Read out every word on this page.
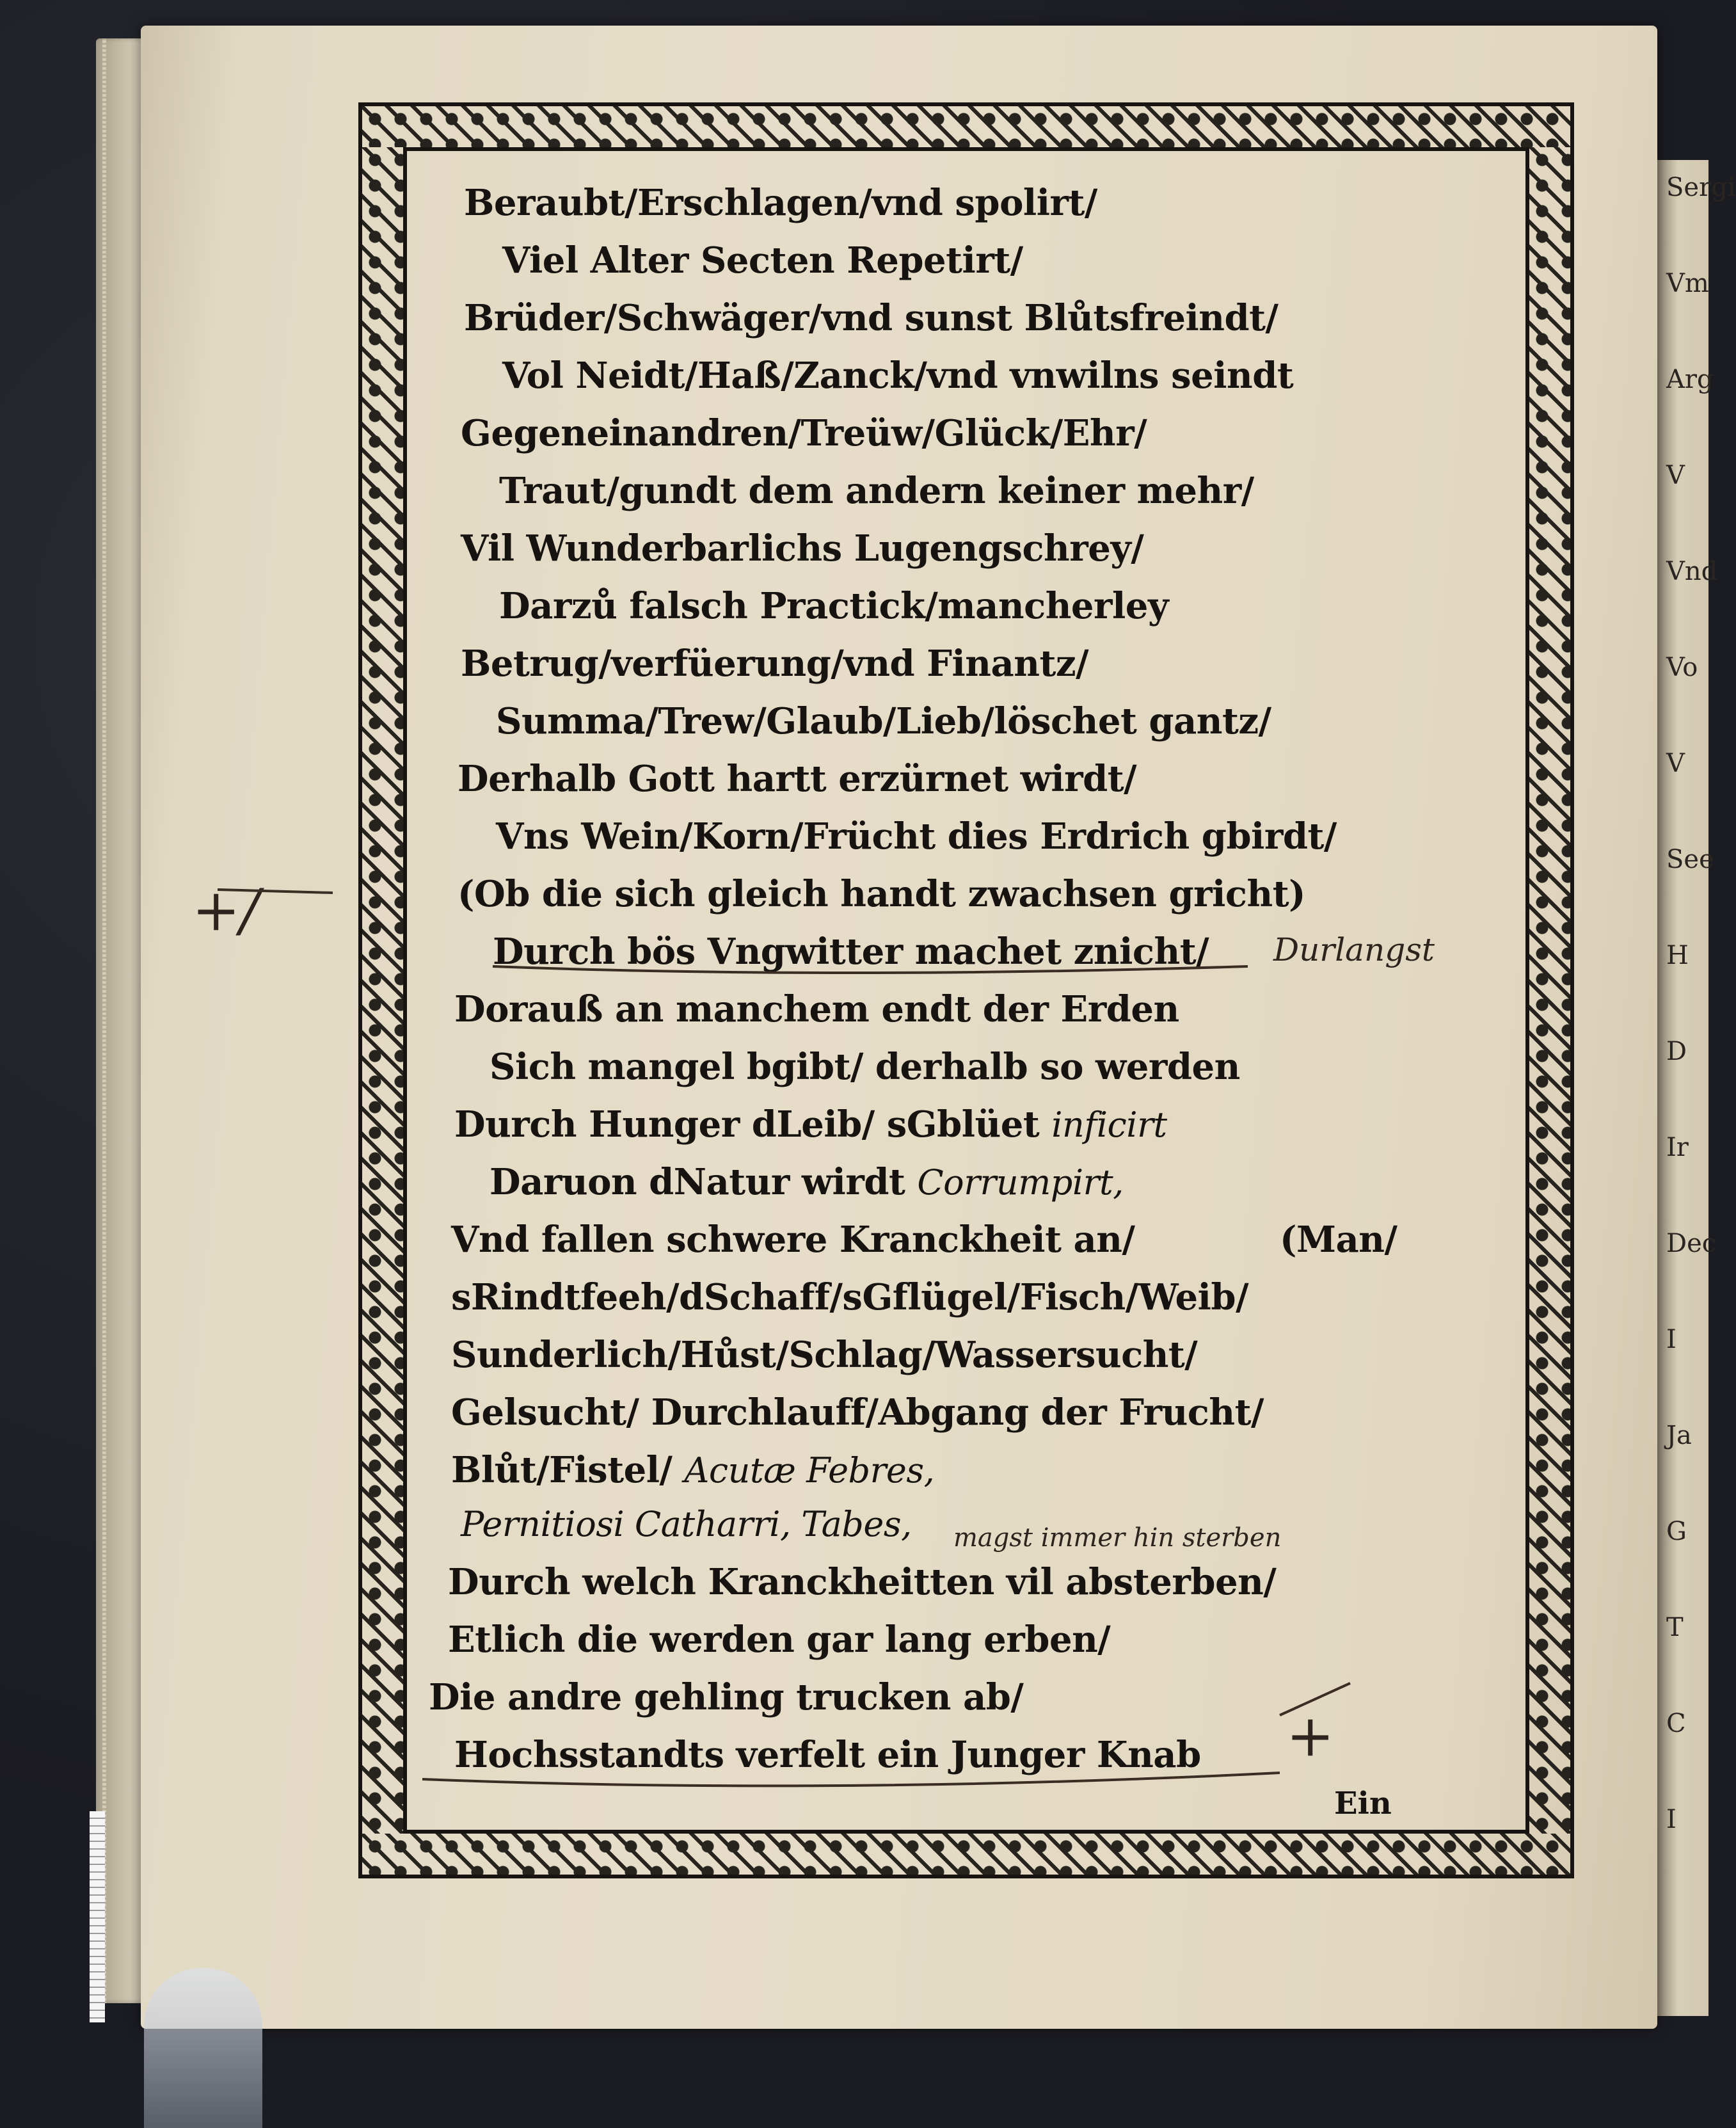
Sergi
Vm
Arg
V
Vnd
Vo
V
See
H
D
Ir
Dec
I
Ja
G
T
C
I
Beraubt/Erschlagen/vnd spolirt/
Viel Alter Secten Repetirt/
Brüder/Schwäger/vnd sunst Blůtsfreindt/
Vol Neidt/Haß/Zanck/vnd vnwilns seindt
Gegeneinandren/Treüw/Glück/Ehr/
Traut/gundt dem andern keiner mehr/
Vil Wunderbarlichs Lugengschrey/
Darzů falsch Practick/mancherley
Betrug/verfüerung/vnd Finantz/
Summa/Trew/Glaub/Lieb/löschet gantz/
Derhalb Gott hartt erzürnet wirdt/
Vns Wein/Korn/Frücht dies Erdrich gbirdt/
(Ob die sich gleich handt zwachsen gricht)
Durch bös Vngwitter machet znicht/
Dorauß an manchem endt der Erden
Sich mangel bgibt/ derhalb so werden
Durch Hunger dLeib/ sGblüet inficirt
Daruon dNatur wirdt Corrumpirt,
Vnd fallen schwere Kranckheit an/	(Man/
sRindtfeeh/dSchaff/sGflügel/Fisch/Weib/
Sunderlich/Hůst/Schlag/Wassersucht/
Gelsucht/ Durchlauff/Abgang der Frucht/
Blůt/Fistel/ Acutæ Febres,
Pernitiosi Catharri, Tabes,
Durch welch Kranckheitten vil absterben/
Etlich die werden gar lang erben/
Die andre gehling trucken ab/
Hochsstandts verfelt ein Junger Knab
Ein
+/
Durlangst
magst immer hin sterben
+
